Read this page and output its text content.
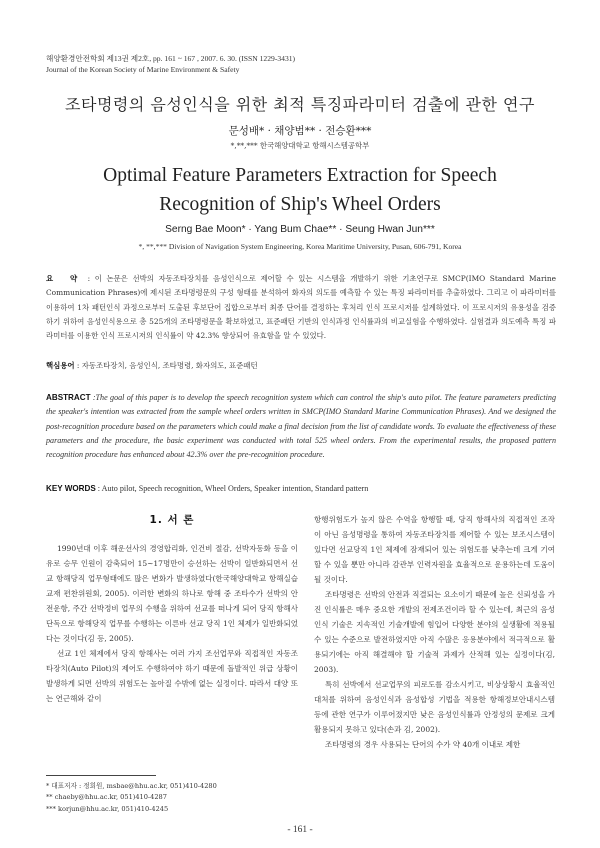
해양환경안전학회 제13권 제2호, pp. 161 ~ 167 , 2007. 6. 30. (ISSN 1229-3431)
Journal of the Korean Society of Marine Environment & Safety
조타명령의 음성인식을 위한 최적 특징파라미터 검출에 관한 연구
문성배* · 채양범** · 전승환***
*,**,*** 한국해양대학교 항해시스템공학부
Optimal Feature Parameters Extraction for Speech
Recognition of Ship's Wheel Orders
Serng Bae Moon* · Yang Bum Chae** · Seung Hwan Jun***
*, **,*** Division of Navigation System Engineering, Korea Maritime University, Pusan, 606-791, Korea
요 약 : 이 논문은 선박의 자동조타장치를 음성인식으로 제어할 수 있는 시스템을 개발하기 위한 기초연구로 SMCP(IMO Standard Marine Communication Phrases)에 제시된 조타명령문의 구성 형태를 분석하여 화자의 의도를 예측할 수 있는 특징 파라미터를 추출하였다. 그리고 이 파라미터를 이용하여 1차 패턴인식 과정으로부터 도출된 후보단어 집합으로부터 최종 단어를 결정하는 후처리 인식 프로시저를 설계하였다. 이 프로시저의 유용성을 검증하기 위하여 음성인식용으로 총 525개의 조타명령문을 확보하였고, 표준패턴 기반의 인식과정 인식률과의 비교실험을 수행하였다. 실험결과 의도예측 특징 파라미터를 이용한 인식 프로시저의 인식률이 약 42.3% 향상되어 유효함을 알 수 있었다.
핵심용어 : 자동조타장치, 음성인식, 조타명령, 화자의도, 표준패턴
ABSTRACT :The goal of this paper is to develop the speech recognition system which can control the ship's auto pilot. The feature parameters predicting the speaker's intention was extracted from the sample wheel orders written in SMCP(IMO Standard Marine Communication Phrases). And we designed the post-recognition procedure based on the parameters which could make a final decision from the list of candidate words. To evaluate the effectiveness of these parameters and the procedure, the basic experiment was conducted with total 525 wheel orders. From the experimental results, the proposed pattern recognition procedure has enhanced about 42.3% over the pre-recognition procedure.
KEY WORDS : Auto pilot, Speech recognition, Wheel Orders, Speaker intention, Standard pattern
1. 서 론

1990년대 이후 해운선사의 경영합리화, 인건비 절감, 선박자동화 등을 이유로 승무 인원이 감축되어 15~17명만이 승선하는 선박이 일반화되면서 선교 항해당직 업무형태에도 많은 변화가 발생하였다(한국해양대학교 항해실습교재 편찬위원회, 2005). 이러한 변화의 하나로 항해 중 조타수가 선박의 안전운항, 주간 선박정비 업무의 수행을 위하여 선교를 떠나게 되어 당직 항해사 단독으로 항해당직 업무를 수행하는 이른바 선교 당직 1인 체제가 일반화되었다는 것이다(김 등, 2005).

선교 1인 체제에서 당직 항해사는 여러 가지 조선업무와 직접적인 자동조타장치(Auto Pilot)의 제어도 수행하여야 하기 때문에 돌발적인 위급 상황이 발생하게 되면 선박의 위험도는 높아질 수밖에 없는 실정이다. 따라서 대양 또는 연근해와 같이

* 대표저자 : 정회원, msbae@hhu.ac.kr, 051)410-4280
** chaeby@hhu.ac.kr, 051)410-4287
*** korjun@hhu.ac.kr, 051)410-4245

항행위험도가 높지 않은 수역을 항행할 때, 당직 항해사의 직접적인 조작이 아닌 음성명령을 통하여 자동조타장치를 제어할 수 있는 보조시스템이 있다면 선교당직 1인 체제에 잠재되어 있는 위험도를 낮추는데 크게 기여할 수 있을 뿐만 아니라 감관부 인력자원을 효율적으로 운용하는데 도움이 될 것이다.

조타명령은 선박의 안전과 직결되는 요소이기 때문에 높은 신뢰성을 가진 인식률은 매우 중요한 개발의 전제조건이라 할 수 있는데, 최근의 음성인식 기술은 지속적인 기술개발에 힘입어 다양한 분야의 실생활에 적용될 수 있는 수준으로 발전하였지만 아직 수많은 응용분야에서 적극적으로 활용되기에는 아직 해결해야 할 기술적 과제가 산적해 있는 실정이다(김, 2003).

특히 선박에서 선교업무의 피로도를 감소시키고, 비상상황시 효율적인 대처를 위하여 음성인식과 음성합성 기법을 적용한 항해정보안내시스템 등에 관한 연구가 이루어졌지만 낮은 음성인식률과 안정성의 문제로 크게 활용되지 못하고 있다(손과 김, 2002).

조타명령의 경우 사용되는 단어의 수가 약 40개 이내로 제한

- 161 -
